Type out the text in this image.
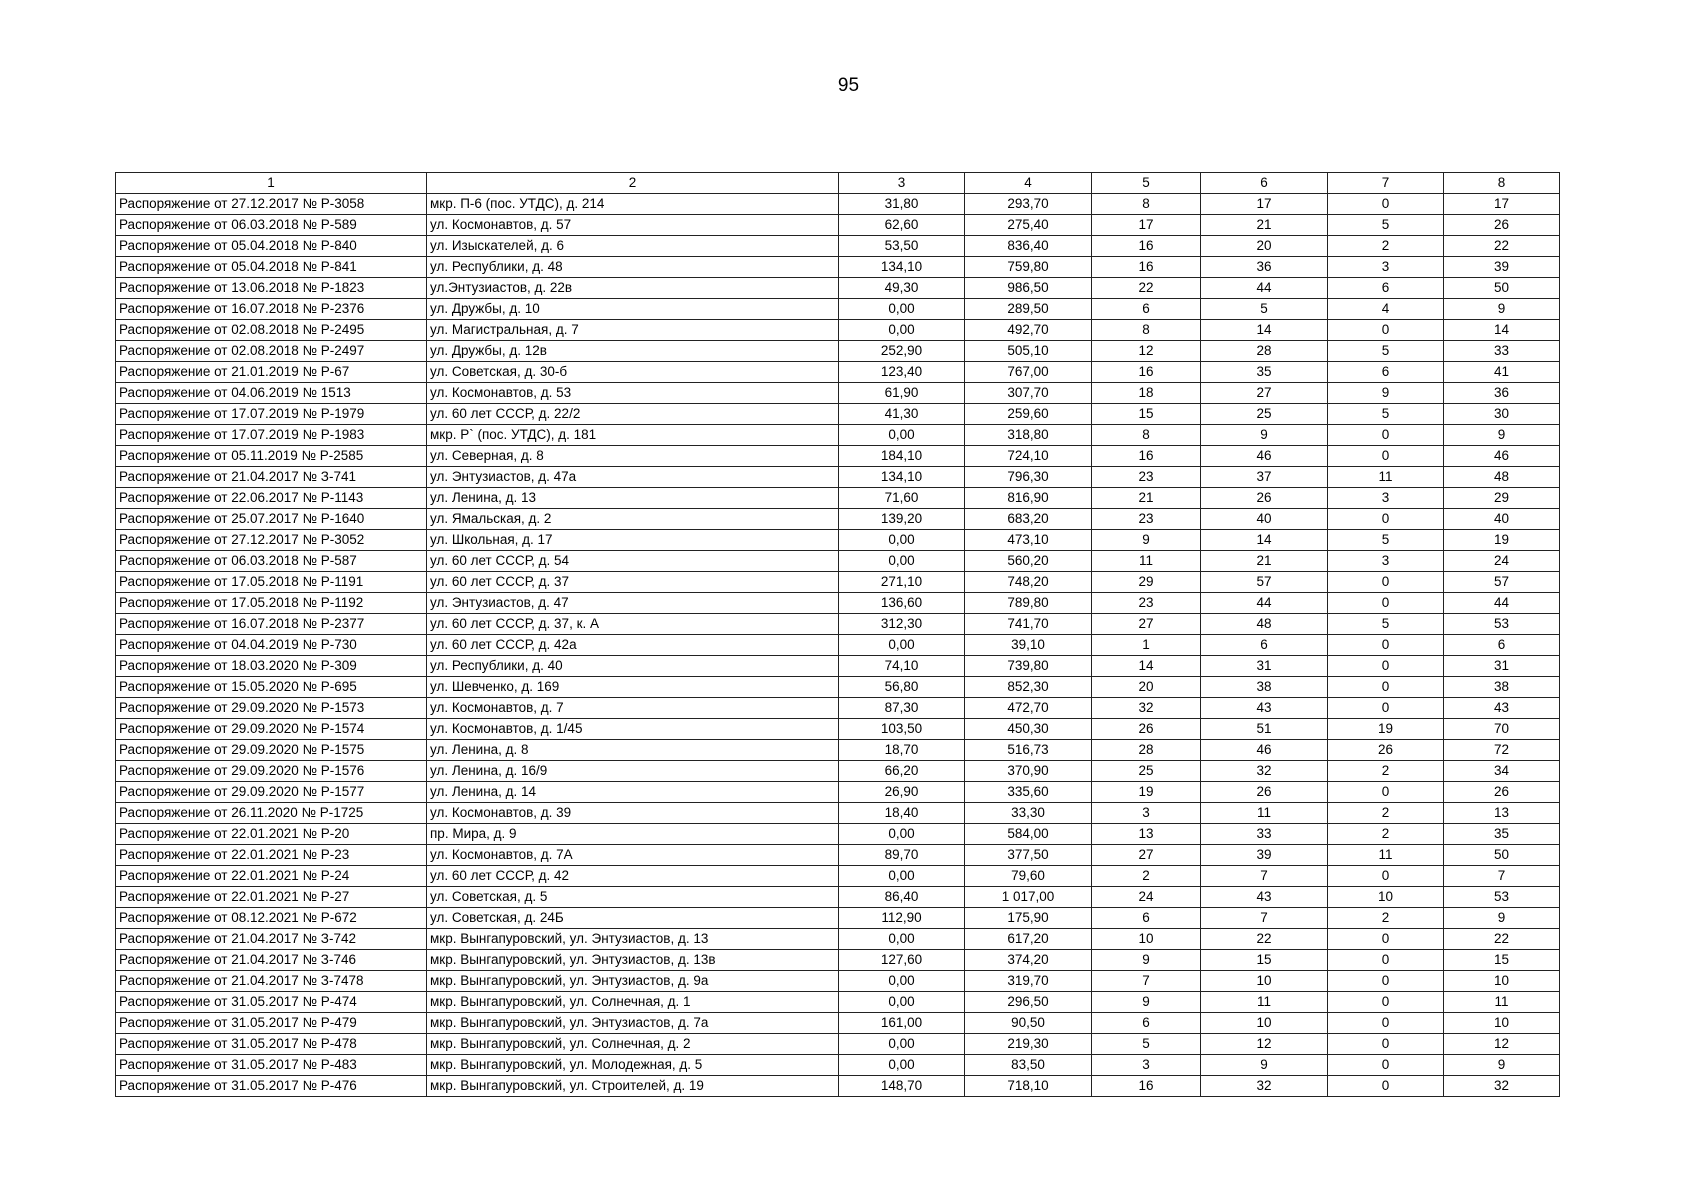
95
1	2	3	4	5	6	7	8
Распоряжение от 27.12.2017 № Р-3058	мкр. П-6 (пос. УТДС), д. 214	31,80	293,70	8	17	0	17
Распоряжение от 06.03.2018 № Р-589	ул. Космонавтов, д. 57	62,60	275,40	17	21	5	26
Распоряжение от 05.04.2018 № Р-840	ул. Изыскателей, д. 6	53,50	836,40	16	20	2	22
Распоряжение от 05.04.2018 № Р-841	ул. Республики, д. 48	134,10	759,80	16	36	3	39
Распоряжение от 13.06.2018 № Р-1823	ул.Энтузиастов, д. 22в	49,30	986,50	22	44	6	50
Распоряжение от 16.07.2018 № Р-2376	ул. Дружбы, д. 10	0,00	289,50	6	5	4	9
Распоряжение от 02.08.2018 № Р-2495	ул. Магистральная, д. 7	0,00	492,70	8	14	0	14
Распоряжение от 02.08.2018 № Р-2497	ул. Дружбы, д. 12в	252,90	505,10	12	28	5	33
Распоряжение от 21.01.2019 № Р-67	ул. Советская, д. 30-б	123,40	767,00	16	35	6	41
Распоряжение от 04.06.2019 № 1513	ул. Космонавтов, д. 53	61,90	307,70	18	27	9	36
Распоряжение от 17.07.2019 № Р-1979	ул. 60 лет СССР, д. 22/2	41,30	259,60	15	25	5	30
Распоряжение от 17.07.2019 № Р-1983	мкр. Р` (пос. УТДС), д. 181	0,00	318,80	8	9	0	9
Распоряжение от 05.11.2019 № Р-2585	ул. Северная, д. 8	184,10	724,10	16	46	0	46
Распоряжение от 21.04.2017 № З-741	ул. Энтузиастов, д. 47а	134,10	796,30	23	37	11	48
Распоряжение от 22.06.2017 № Р-1143	ул. Ленина, д. 13	71,60	816,90	21	26	3	29
Распоряжение от 25.07.2017 № Р-1640	ул. Ямальская, д. 2	139,20	683,20	23	40	0	40
Распоряжение от 27.12.2017 № Р-3052	ул. Школьная, д. 17	0,00	473,10	9	14	5	19
Распоряжение от 06.03.2018 № Р-587	ул. 60 лет СССР, д. 54	0,00	560,20	11	21	3	24
Распоряжение от 17.05.2018 № Р-1191	ул. 60 лет СССР, д. 37	271,10	748,20	29	57	0	57
Распоряжение от 17.05.2018 № Р-1192	ул. Энтузиастов, д. 47	136,60	789,80	23	44	0	44
Распоряжение от 16.07.2018 № Р-2377	ул. 60 лет СССР, д. 37, к. А	312,30	741,70	27	48	5	53
Распоряжение от 04.04.2019 № Р-730	ул. 60 лет СССР, д. 42а	0,00	39,10	1	6	0	6
Распоряжение от 18.03.2020 № Р-309	ул. Республики, д. 40	74,10	739,80	14	31	0	31
Распоряжение от 15.05.2020 № Р-695	ул. Шевченко, д. 169	56,80	852,30	20	38	0	38
Распоряжение от 29.09.2020 № Р-1573	ул. Космонавтов, д. 7	87,30	472,70	32	43	0	43
Распоряжение от 29.09.2020 № Р-1574	ул. Космонавтов, д. 1/45	103,50	450,30	26	51	19	70
Распоряжение от 29.09.2020 № Р-1575	ул. Ленина, д. 8	18,70	516,73	28	46	26	72
Распоряжение от 29.09.2020 № Р-1576	ул. Ленина, д. 16/9	66,20	370,90	25	32	2	34
Распоряжение от 29.09.2020 № Р-1577	ул. Ленина, д. 14	26,90	335,60	19	26	0	26
Распоряжение от 26.11.2020 № Р-1725	ул. Космонавтов, д. 39	18,40	33,30	3	11	2	13
Распоряжение от 22.01.2021 № Р-20	пр. Мира, д. 9	0,00	584,00	13	33	2	35
Распоряжение от 22.01.2021 № Р-23	ул. Космонавтов, д. 7А	89,70	377,50	27	39	11	50
Распоряжение от 22.01.2021 № Р-24	ул. 60 лет СССР, д. 42	0,00	79,60	2	7	0	7
Распоряжение от 22.01.2021 № Р-27	ул. Советская, д. 5	86,40	1 017,00	24	43	10	53
Распоряжение от 08.12.2021 № Р-672	ул. Советская, д. 24Б	112,90	175,90	6	7	2	9
Распоряжение от 21.04.2017 № З-742	мкр. Вынгапуровский, ул. Энтузиастов, д. 13	0,00	617,20	10	22	0	22
Распоряжение от 21.04.2017 № З-746	мкр. Вынгапуровский, ул. Энтузиастов, д. 13в	127,60	374,20	9	15	0	15
Распоряжение от 21.04.2017 № З-7478	мкр. Вынгапуровский, ул. Энтузиастов, д. 9а	0,00	319,70	7	10	0	10
Распоряжение от 31.05.2017 № Р-474	мкр. Вынгапуровский, ул. Солнечная, д. 1	0,00	296,50	9	11	0	11
Распоряжение от 31.05.2017 № Р-479	мкр. Вынгапуровский, ул. Энтузиастов, д. 7а	161,00	90,50	6	10	0	10
Распоряжение от 31.05.2017 № Р-478	мкр. Вынгапуровский, ул. Солнечная, д. 2	0,00	219,30	5	12	0	12
Распоряжение от 31.05.2017 № Р-483	мкр. Вынгапуровский, ул. Молодежная, д. 5	0,00	83,50	3	9	0	9
Распоряжение от 31.05.2017 № Р-476	мкр. Вынгапуровский, ул. Строителей, д. 19	148,70	718,10	16	32	0	32
